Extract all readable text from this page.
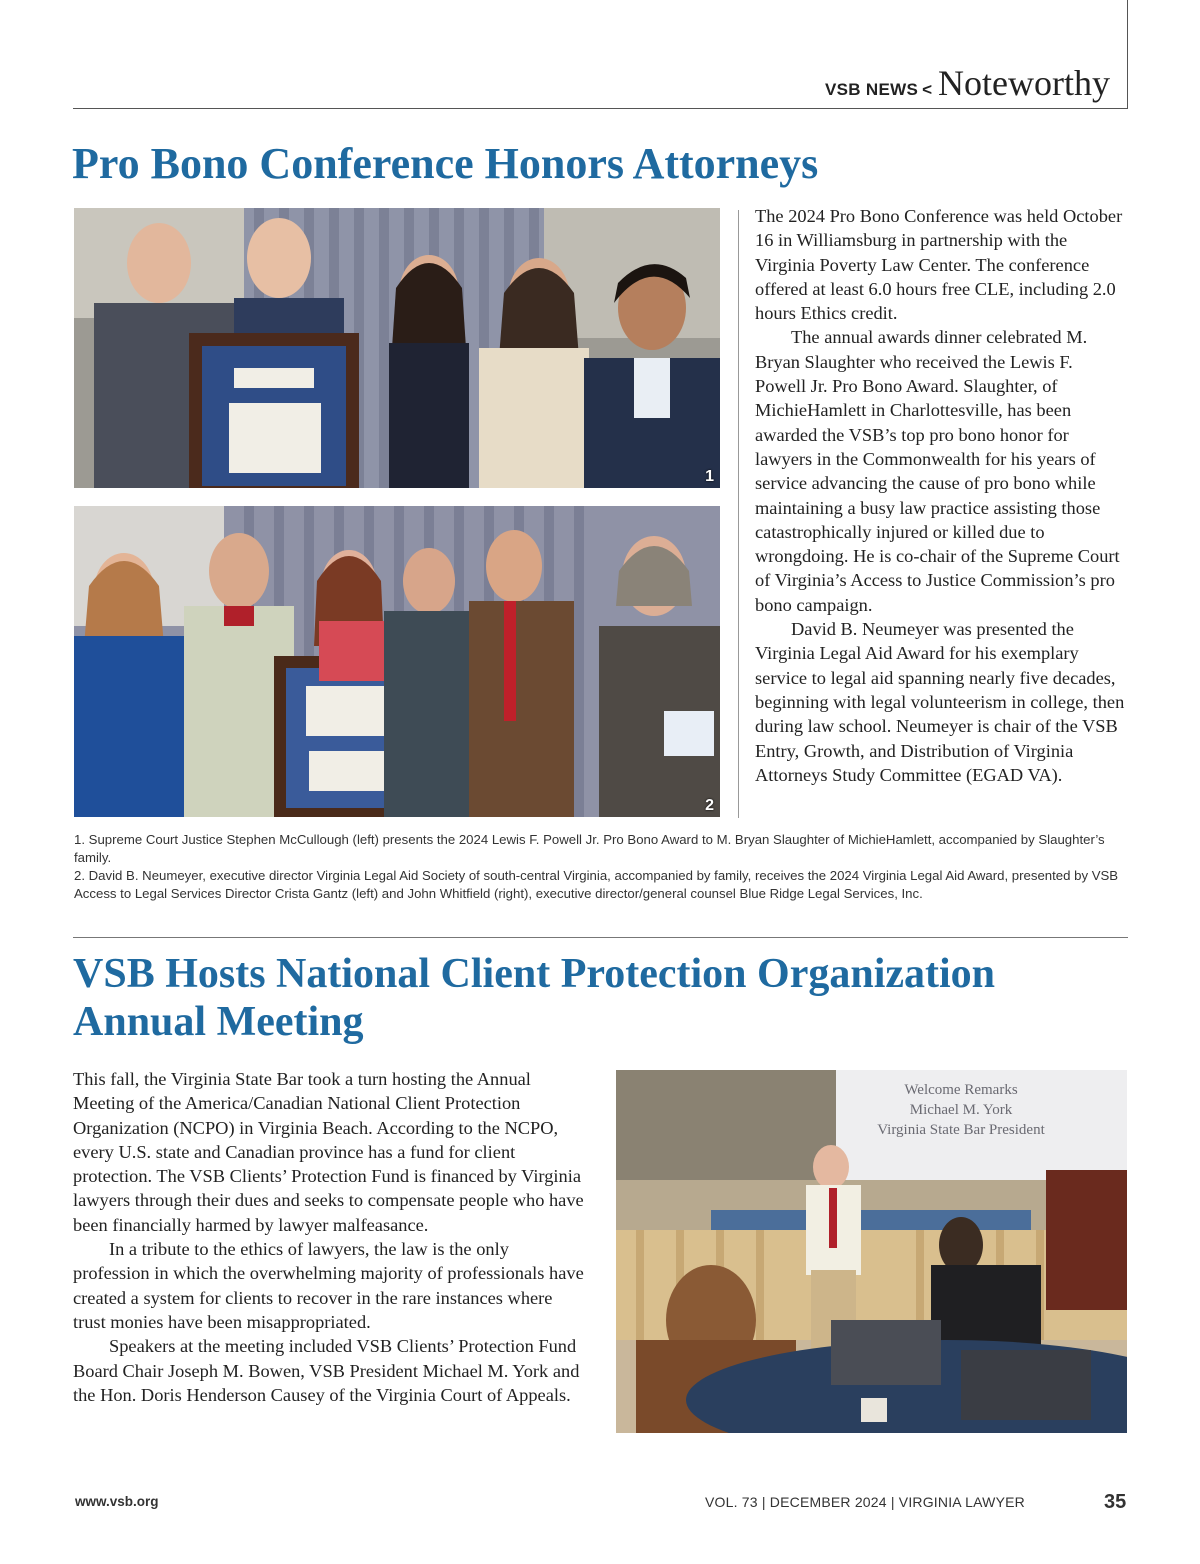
VSB NEWS < Noteworthy
Pro Bono Conference Honors Attorneys
1
2

The 2024 Pro Bono Conference was held October 16 in Williamsburg in partnership with the Virginia Poverty Law Center. The conference offered at least 6.0 hours free CLE, including 2.0 hours Ethics credit.

The annual awards dinner celebrated M. Bryan Slaughter who received the Lewis F. Powell Jr. Pro Bono Award. Slaughter, of MichieHamlett in Charlottesville, has been awarded the VSB’s top pro bono honor for lawyers in the Commonwealth for his years of service advancing the cause of pro bono while maintaining a busy law practice assisting those catastrophically injured or killed due to wrongdoing. He is co-chair of the Supreme Court of Virginia’s Access to Justice Commission’s pro bono campaign.

David B. Neumeyer was presented the Virginia Legal Aid Award for his exemplary service to legal aid spanning nearly five decades, beginning with legal volunteerism in college, then during law school. Neumeyer is chair of the VSB Entry, Growth, and Distribution of Virginia Attorneys Study Committee (EGAD VA).

1. Supreme Court Justice Stephen McCullough (left) presents the 2024 Lewis F. Powell Jr. Pro Bono Award to M. Bryan Slaughter of MichieHamlett, accompanied by Slaughter’s family.
2. David B. Neumeyer, executive director Virginia Legal Aid Society of south-central Virginia, accompanied by family, receives the 2024 Virginia Legal Aid Award, presented by VSB Access to Legal Services Director Crista Gantz (left) and John Whitfield (right), executive director/general counsel Blue Ridge Legal Services, Inc.
VSB Hosts National Client Protection Organization Annual Meeting

This fall, the Virginia State Bar took a turn hosting the Annual Meeting of the America/Canadian National Client Protection Organization (NCPO) in Virginia Beach. According to the NCPO, every U.S. state and Canadian province has a fund for client protection. The VSB Clients’ Protection Fund is financed by Virginia lawyers through their dues and seeks to compensate people who have been financially harmed by lawyer malfeasance.

In a tribute to the ethics of lawyers, the law is the only profession in which the overwhelming majority of professionals have created a system for clients to recover in the rare instances where trust monies have been misappropriated.

Speakers at the meeting included VSB Clients’ Protection Fund Board Chair Joseph M. Bowen, VSB President Michael M. York and the Hon. Doris Henderson Causey of the Virginia Court of Appeals.

Welcome Remarks
Michael M. York
Virginia State Bar President
www.vsb.org	VOL. 73 | DECEMBER 2024 | VIRGINIA LAWYER	35
